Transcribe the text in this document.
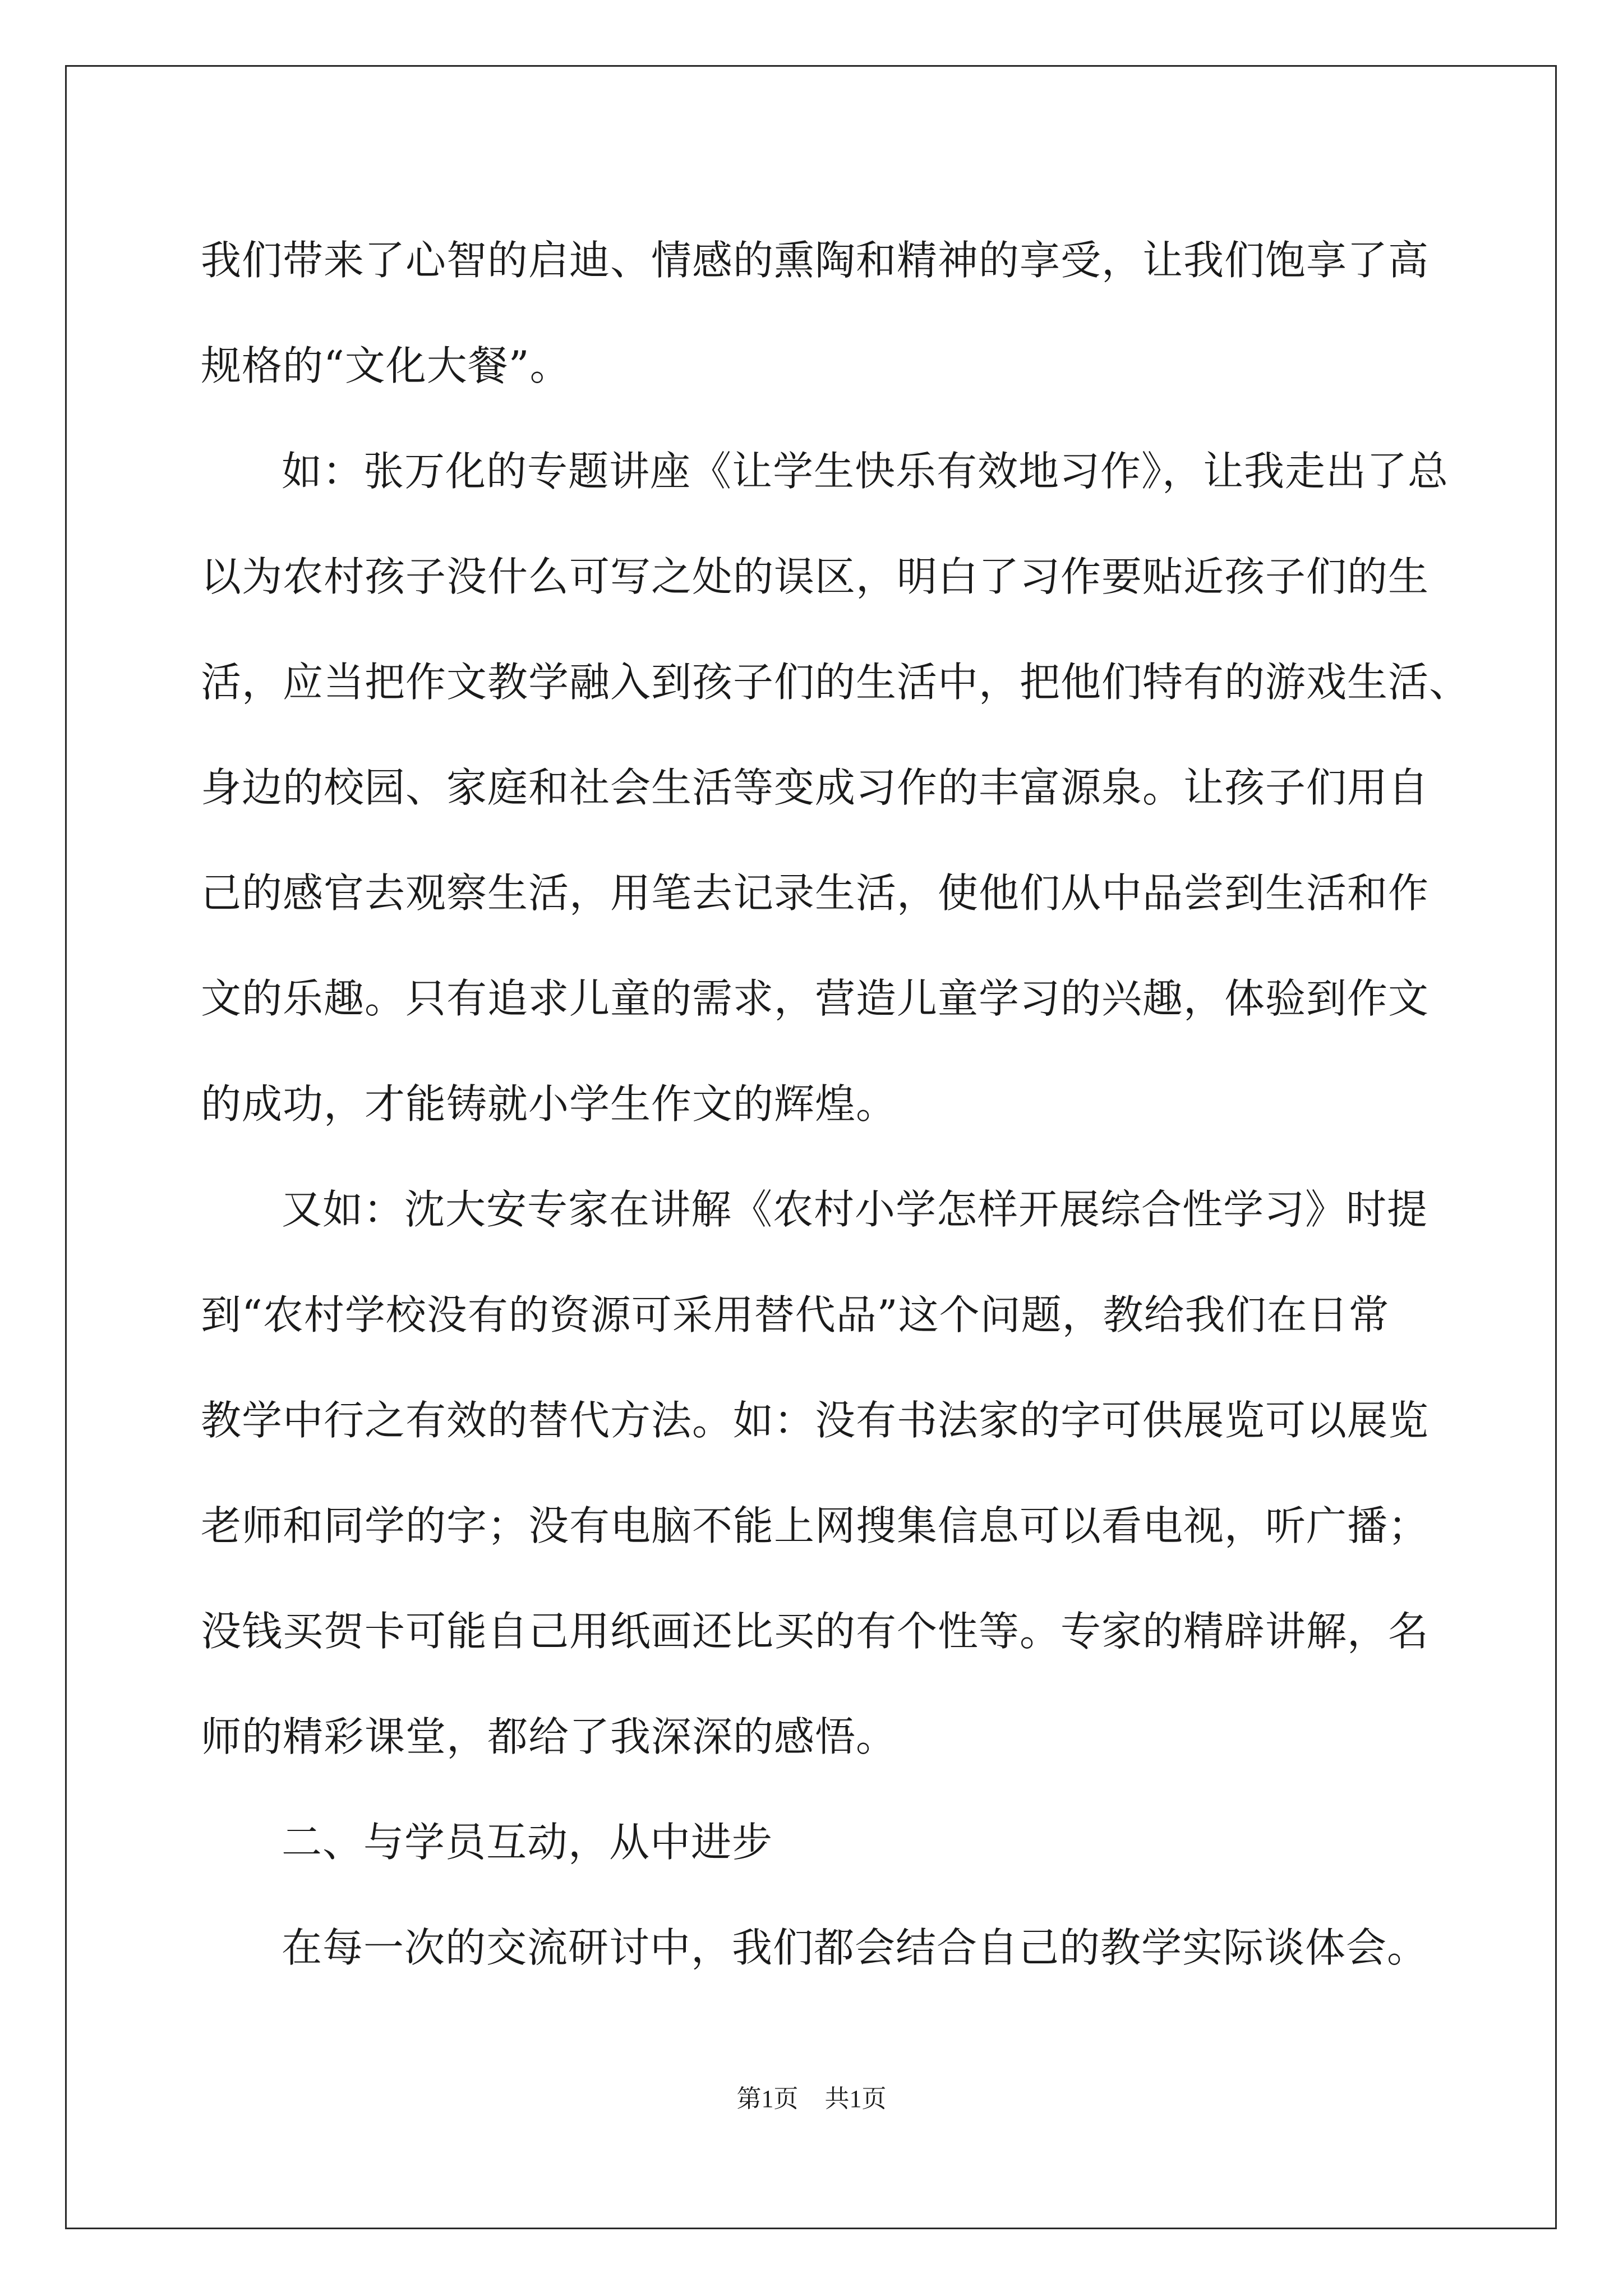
我们带来了心智的启迪、情感的熏陶和精神的享受，让我们饱享了高
规格的“文化大餐”。
如：张万化的专题讲座《让学生快乐有效地习作》，让我走出了总
以为农村孩子没什么可写之处的误区，明白了习作要贴近孩子们的生
活，应当把作文教学融入到孩子们的生活中，把他们特有的游戏生活、
身边的校园、家庭和社会生活等变成习作的丰富源泉。让孩子们用自
己的感官去观察生活，用笔去记录生活，使他们从中品尝到生活和作
文的乐趣。只有追求儿童的需求，营造儿童学习的兴趣，体验到作文
的成功，才能铸就小学生作文的辉煌。
又如：沈大安专家在讲解《农村小学怎样开展综合性学习》时提
到“农村学校没有的资源可采用替代品”这个问题，教给我们在日常
教学中行之有效的替代方法。如：没有书法家的字可供展览可以展览
老师和同学的字；没有电脑不能上网搜集信息可以看电视，听广播；
没钱买贺卡可能自己用纸画还比买的有个性等。专家的精辟讲解，名
师的精彩课堂，都给了我深深的感悟。
二、与学员互动，从中进步
在每一次的交流研讨中，我们都会结合自己的教学实际谈体会。
第1页 共1页
